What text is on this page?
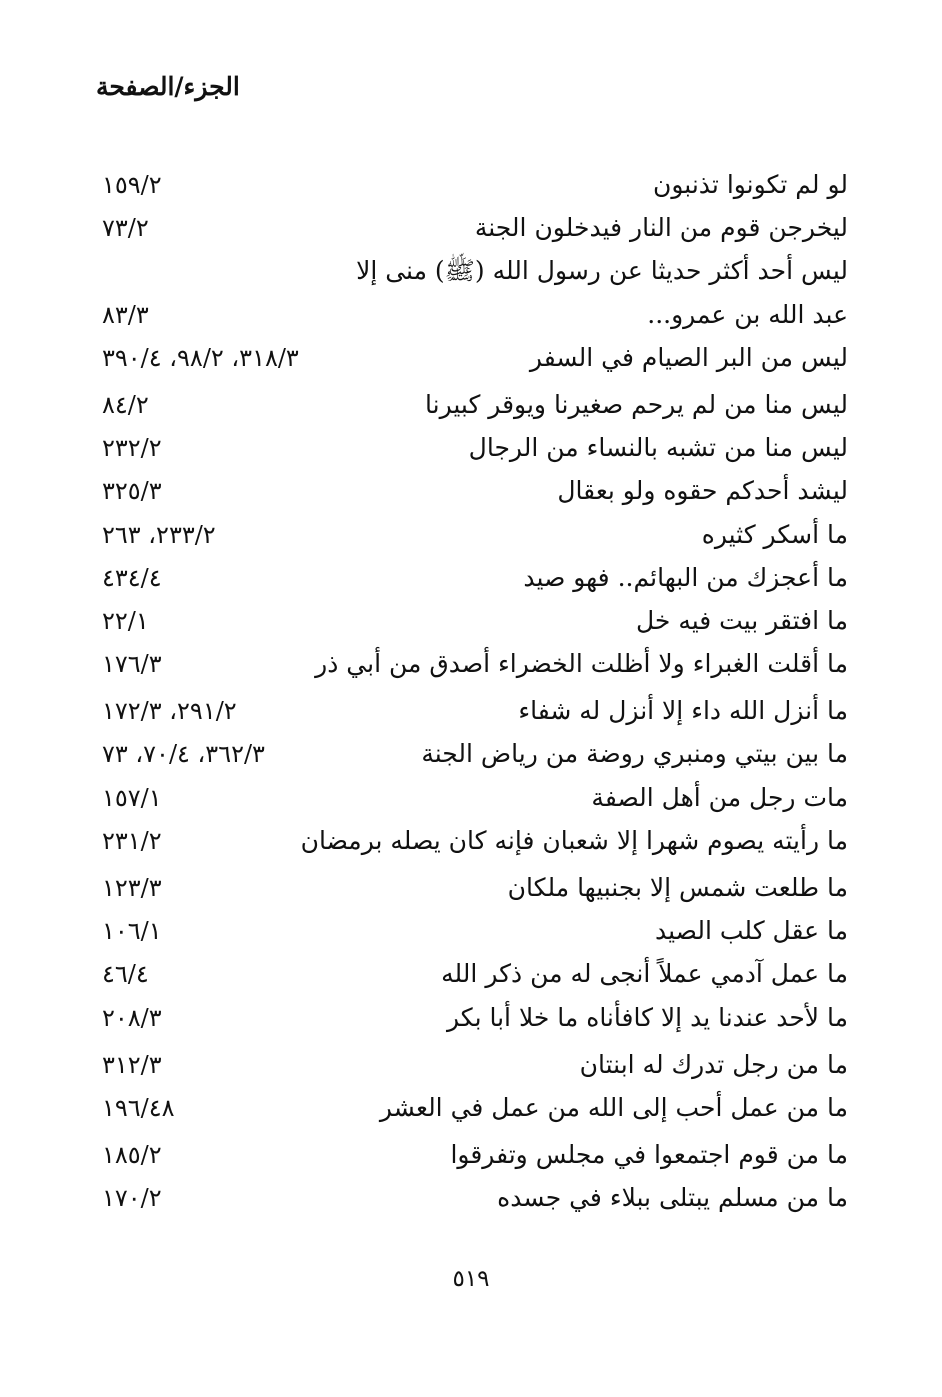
الجزء/الصفحة
لو لم تكونوا تذنبون
١٥٩/٢
ليخرجن قوم من النار فيدخلون الجنة
٧٣/٢
ليس أحد أكثر حديثا عن رسول الله (ﷺ) منى إلا
عبد الله بن عمرو...
٨٣/٣
ليس من البر الصيام في السفر
٣١٨/٣، ٩٨/٢، ٣٩٠/٤
ليس منا من لم يرحم صغيرنا ويوقر كبيرنا
٨٤/٢
ليس منا من تشبه بالنساء من الرجال
٢٣٢/٢
ليشد أحدكم حقوه ولو بعقال
٣٢٥/٣
ما أسكر كثيره
٢٣٣/٢، ٢٦٣
ما أعجزك من البهائم.. فهو صيد
٤٣٤/٤
ما افتقر بيت فيه خل
٢٢/١
ما أقلت الغبراء ولا أظلت الخضراء أصدق من أبي ذر
١٧٦/٣
ما أنزل الله داء إلا أنزل له شفاء
٢٩١/٢، ١٧٢/٣
ما بين بيتي ومنبري روضة من رياض الجنة
٣٦٢/٣، ٧٠/٤، ٧٣
مات رجل من أهل الصفة
١٥٧/١
ما رأيته يصوم شهرا إلا شعبان فإنه كان يصله برمضان
٢٣١/٢
ما طلعت شمس إلا بجنبيها ملكان
١٢٣/٣
ما عقل كلب الصيد
١٠٦/١
ما عمل آدمي عملاً أنجى له من ذكر الله
٤٦/٤
ما لأحد عندنا يد إلا كافأناه ما خلا أبا بكر
٢٠٨/٣
ما من رجل تدرك له ابنتان
٣١٢/٣
ما من عمل أحب إلى الله من عمل في العشر
١٩٦/٤٨
ما من قوم اجتمعوا في مجلس وتفرقوا
١٨٥/٢
ما من مسلم يبتلى ببلاء في جسده
١٧٠/٢
٥١٩
